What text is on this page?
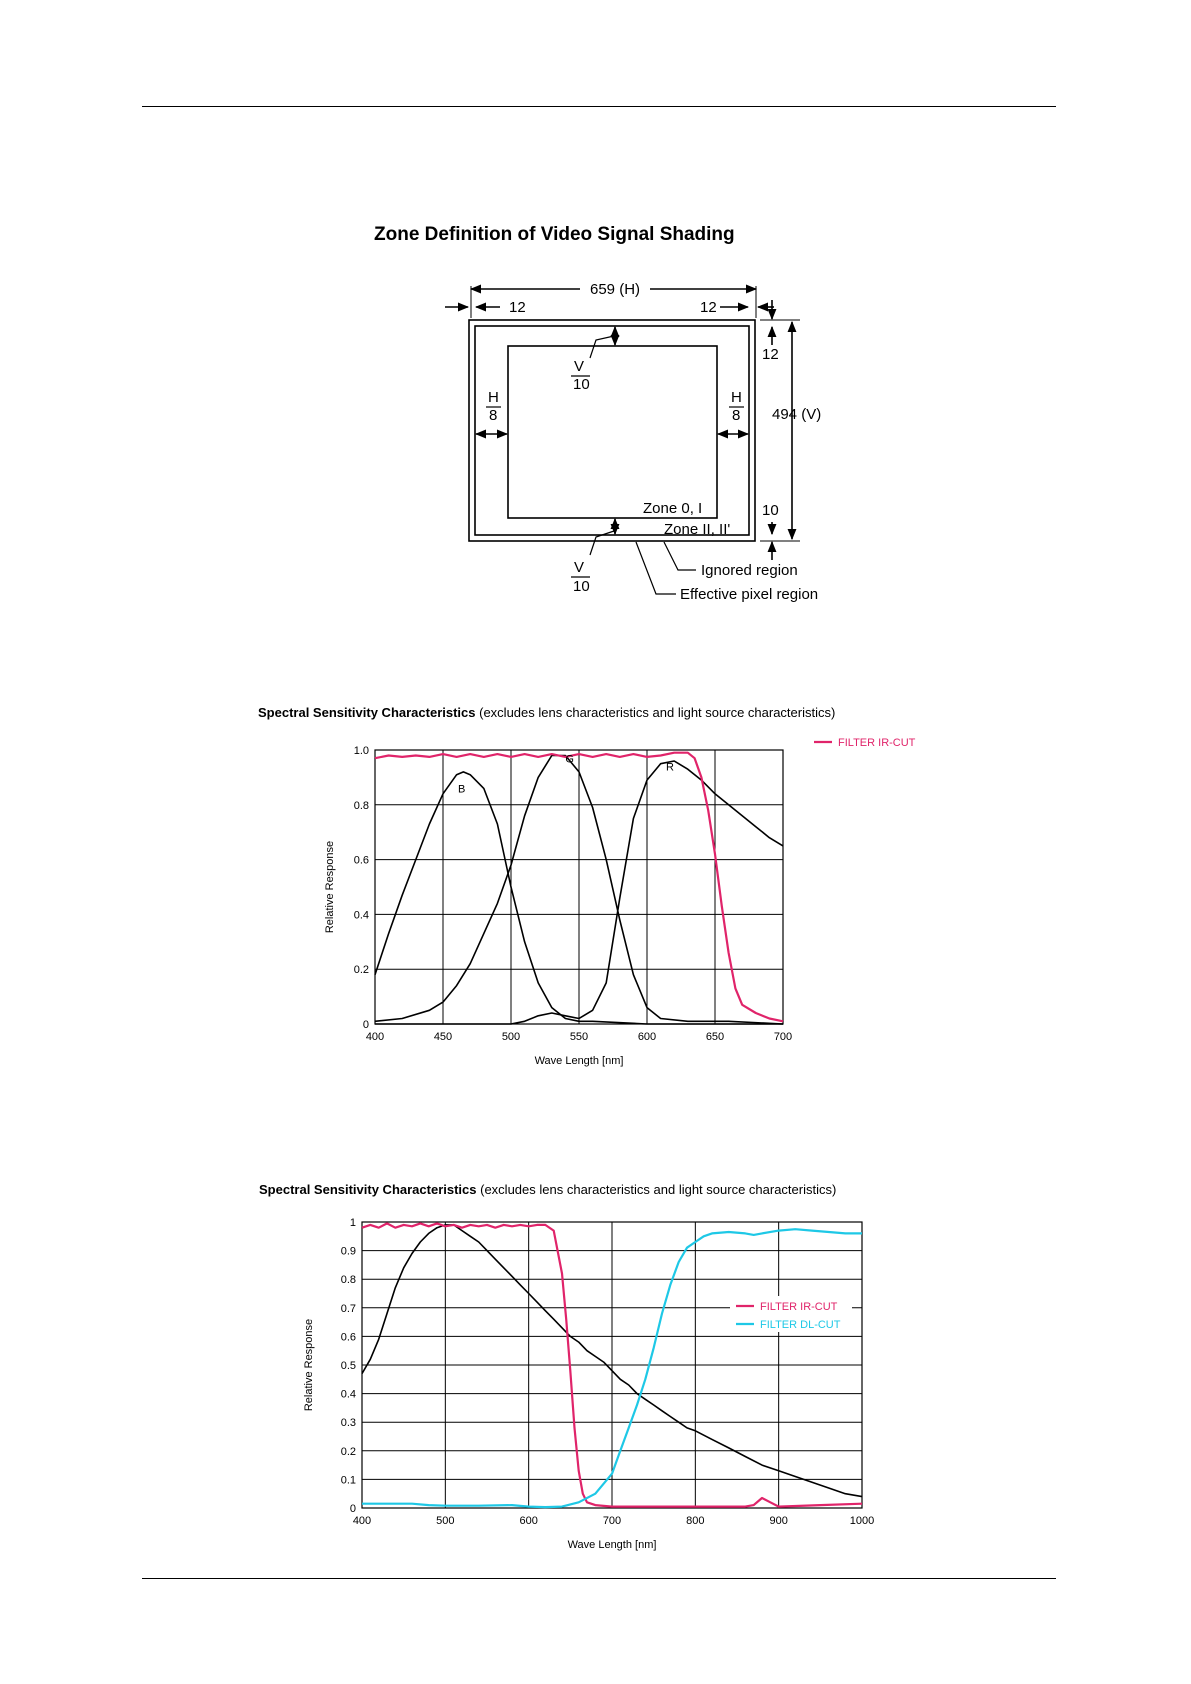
Zone Definition of Video Signal Shading
659 (H)
12	12
12
10
494 (V)
V
10
H
8
H
8
V
10
Zone 0, I
Zone II, II'
Ignored region
Effective pixel region
Spectral Sensitivity Characteristics (excludes lens characteristics and light source characteristics)
400	450	500	550	600	650	700
0
0.2
0.4
0.6
0.8
1.0
Wave Length [nm]
Relative Response
FILTER IR-CUT
B
G
R
Spectral Sensitivity Characteristics (excludes lens characteristics and light source characteristics)
400	500	600	700	800	900	1000
0
0.1
0.2
0.3
0.4
0.5
0.6
0.7
0.8
0.9
1
Wave Length [nm]
Relative Response
FILTER IR-CUT
FILTER DL-CUT
